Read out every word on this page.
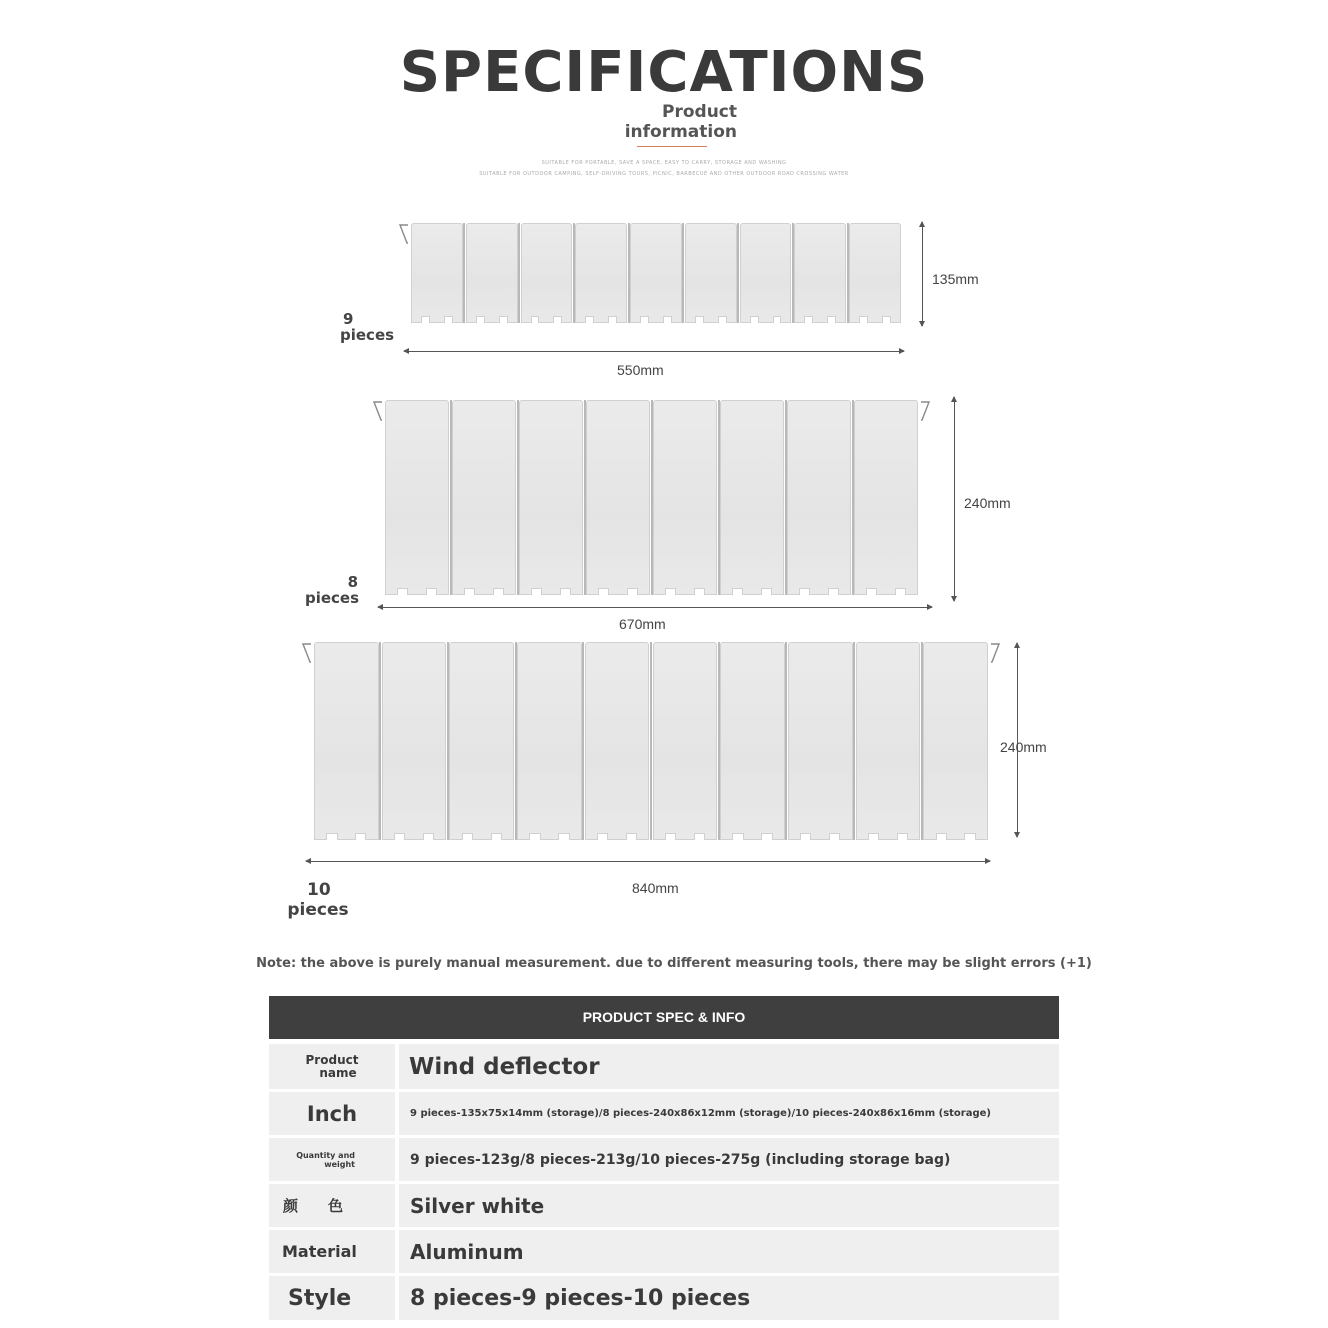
SPECIFICATIONS
Product
information
SUITABLE FOR PORTABLE, SAVE A SPACE, EASY TO CARRY, STORAGE AND WASHING
SUITABLE FOR OUTDOOR CAMPING, SELF-DRIVING TOURS, PICNIC, BARBECUE AND OTHER OUTDOOR ROAD CROSSING WATER
9
pieces
550mm
135mm
8
pieces
670mm
240mm
10
pieces
840mm
240mm
Note: the above is purely manual measurement. due to different measuring tools, there may be slight errors (+1)
PRODUCT SPEC & INFO
Product
name	Wind deflector
Inch	9 pieces-135x75x14mm (storage)/8 pieces-240x86x12mm (storage)/10 pieces-240x86x16mm (storage)
Quantity and
weight	9 pieces-123g/8 pieces-213g/10 pieces-275g (including storage bag)
颜　　色	Silver white
Material	Aluminum
Style	8 pieces-9 pieces-10 pieces
